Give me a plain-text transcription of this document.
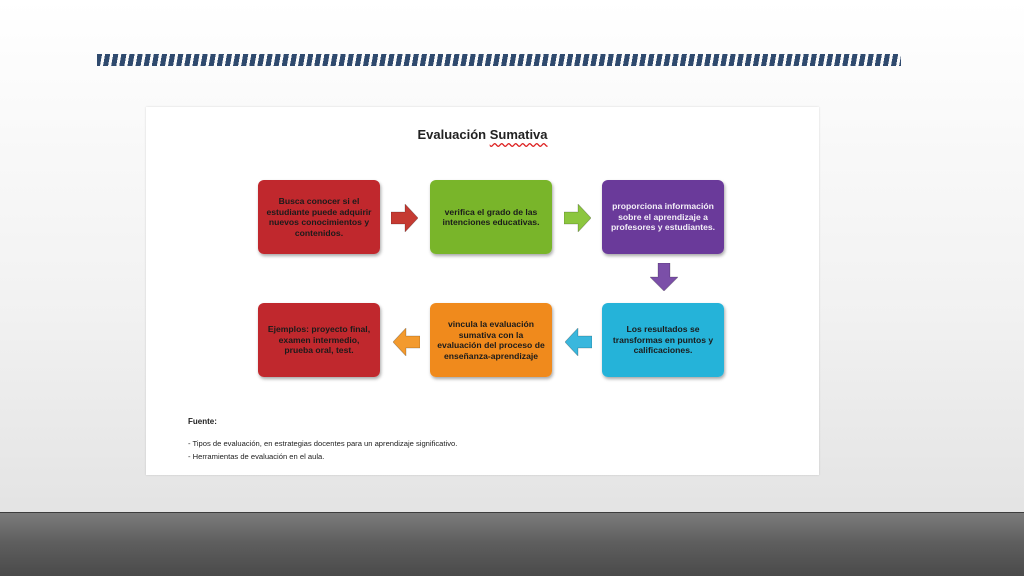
Evaluación Sumativa
Busca conocer si el estudiante puede adquirir nuevos conocimientos y contenidos.
verifica el grado de las intenciones educativas.
proporciona información sobre el aprendizaje a profesores y estudiantes.
Los resultados se transformas en puntos y calificaciones.
vincula la evaluación sumativa con la evaluación del proceso de enseñanza-aprendizaje
Ejemplos: proyecto final, examen intermedio, prueba oral, test.
Fuente:
- Tipos de evaluación, en estrategias docentes para un aprendizaje significativo.
- Herramientas de evaluación en el aula.
